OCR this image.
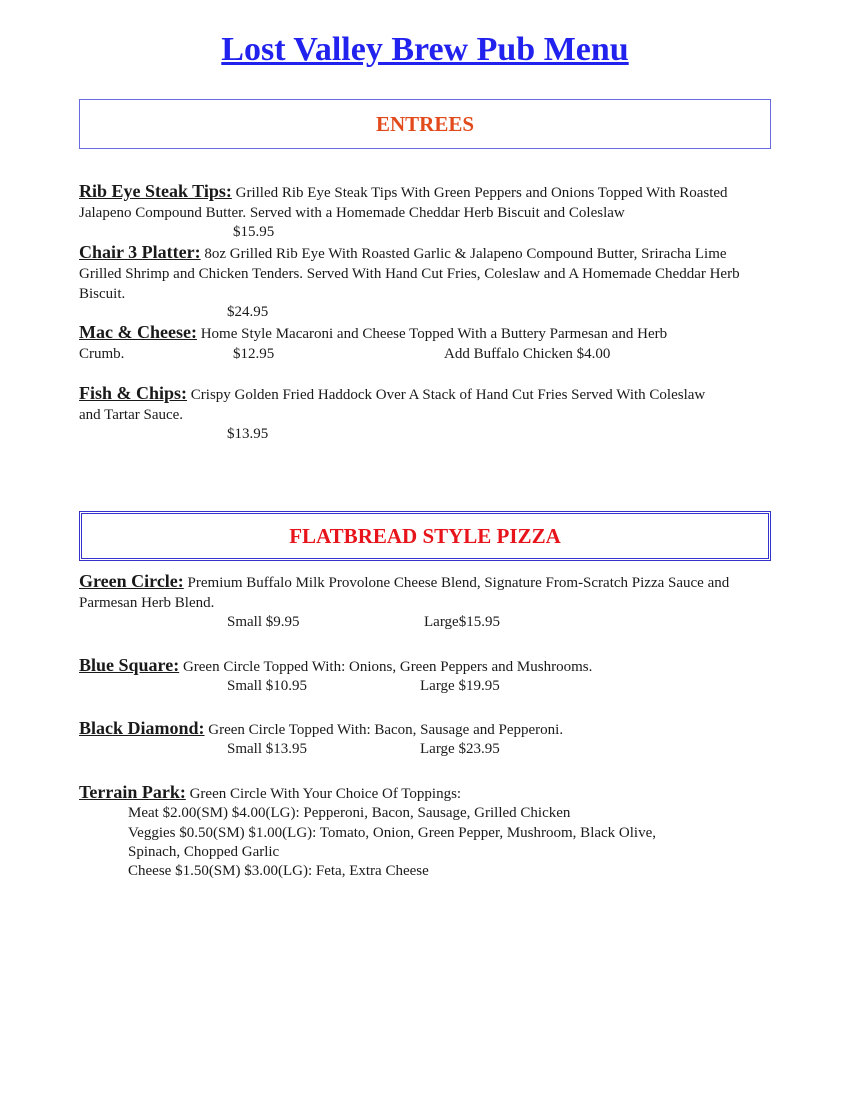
Lost Valley Brew Pub Menu
ENTREES
Rib Eye Steak Tips: Grilled Rib Eye Steak Tips With Green Peppers and Onions Topped With Roasted Jalapeno Compound Butter. Served with a Homemade Cheddar Herb Biscuit and Coleslaw
$15.95
Chair 3 Platter: 8oz Grilled Rib Eye With Roasted Garlic & Jalapeno Compound Butter, Sriracha Lime Grilled Shrimp and Chicken Tenders. Served With Hand Cut Fries, Coleslaw and A Homemade Cheddar Herb Biscuit.
$24.95
Mac & Cheese: Home Style Macaroni and Cheese Topped With a Buttery Parmesan and Herb
Crumb.	$12.95	Add Buffalo Chicken $4.00
Fish & Chips: Crispy Golden Fried Haddock Over A Stack of Hand Cut Fries Served With Coleslaw and Tartar Sauce.
$13.95
FLATBREAD STYLE PIZZA
Green Circle: Premium Buffalo Milk Provolone Cheese Blend, Signature From-Scratch Pizza Sauce and Parmesan Herb Blend.
Small $9.95	Large$15.95
Blue Square: Green Circle Topped With: Onions, Green Peppers and Mushrooms.
Small $10.95	Large $19.95
Black Diamond: Green Circle Topped With: Bacon, Sausage and Pepperoni.
Small $13.95	Large $23.95
Terrain Park: Green Circle With Your Choice Of Toppings:
Meat $2.00(SM) $4.00(LG): Pepperoni, Bacon, Sausage, Grilled Chicken
Veggies $0.50(SM) $1.00(LG): Tomato, Onion, Green Pepper, Mushroom, Black Olive,
Spinach, Chopped Garlic
Cheese $1.50(SM) $3.00(LG): Feta, Extra Cheese
